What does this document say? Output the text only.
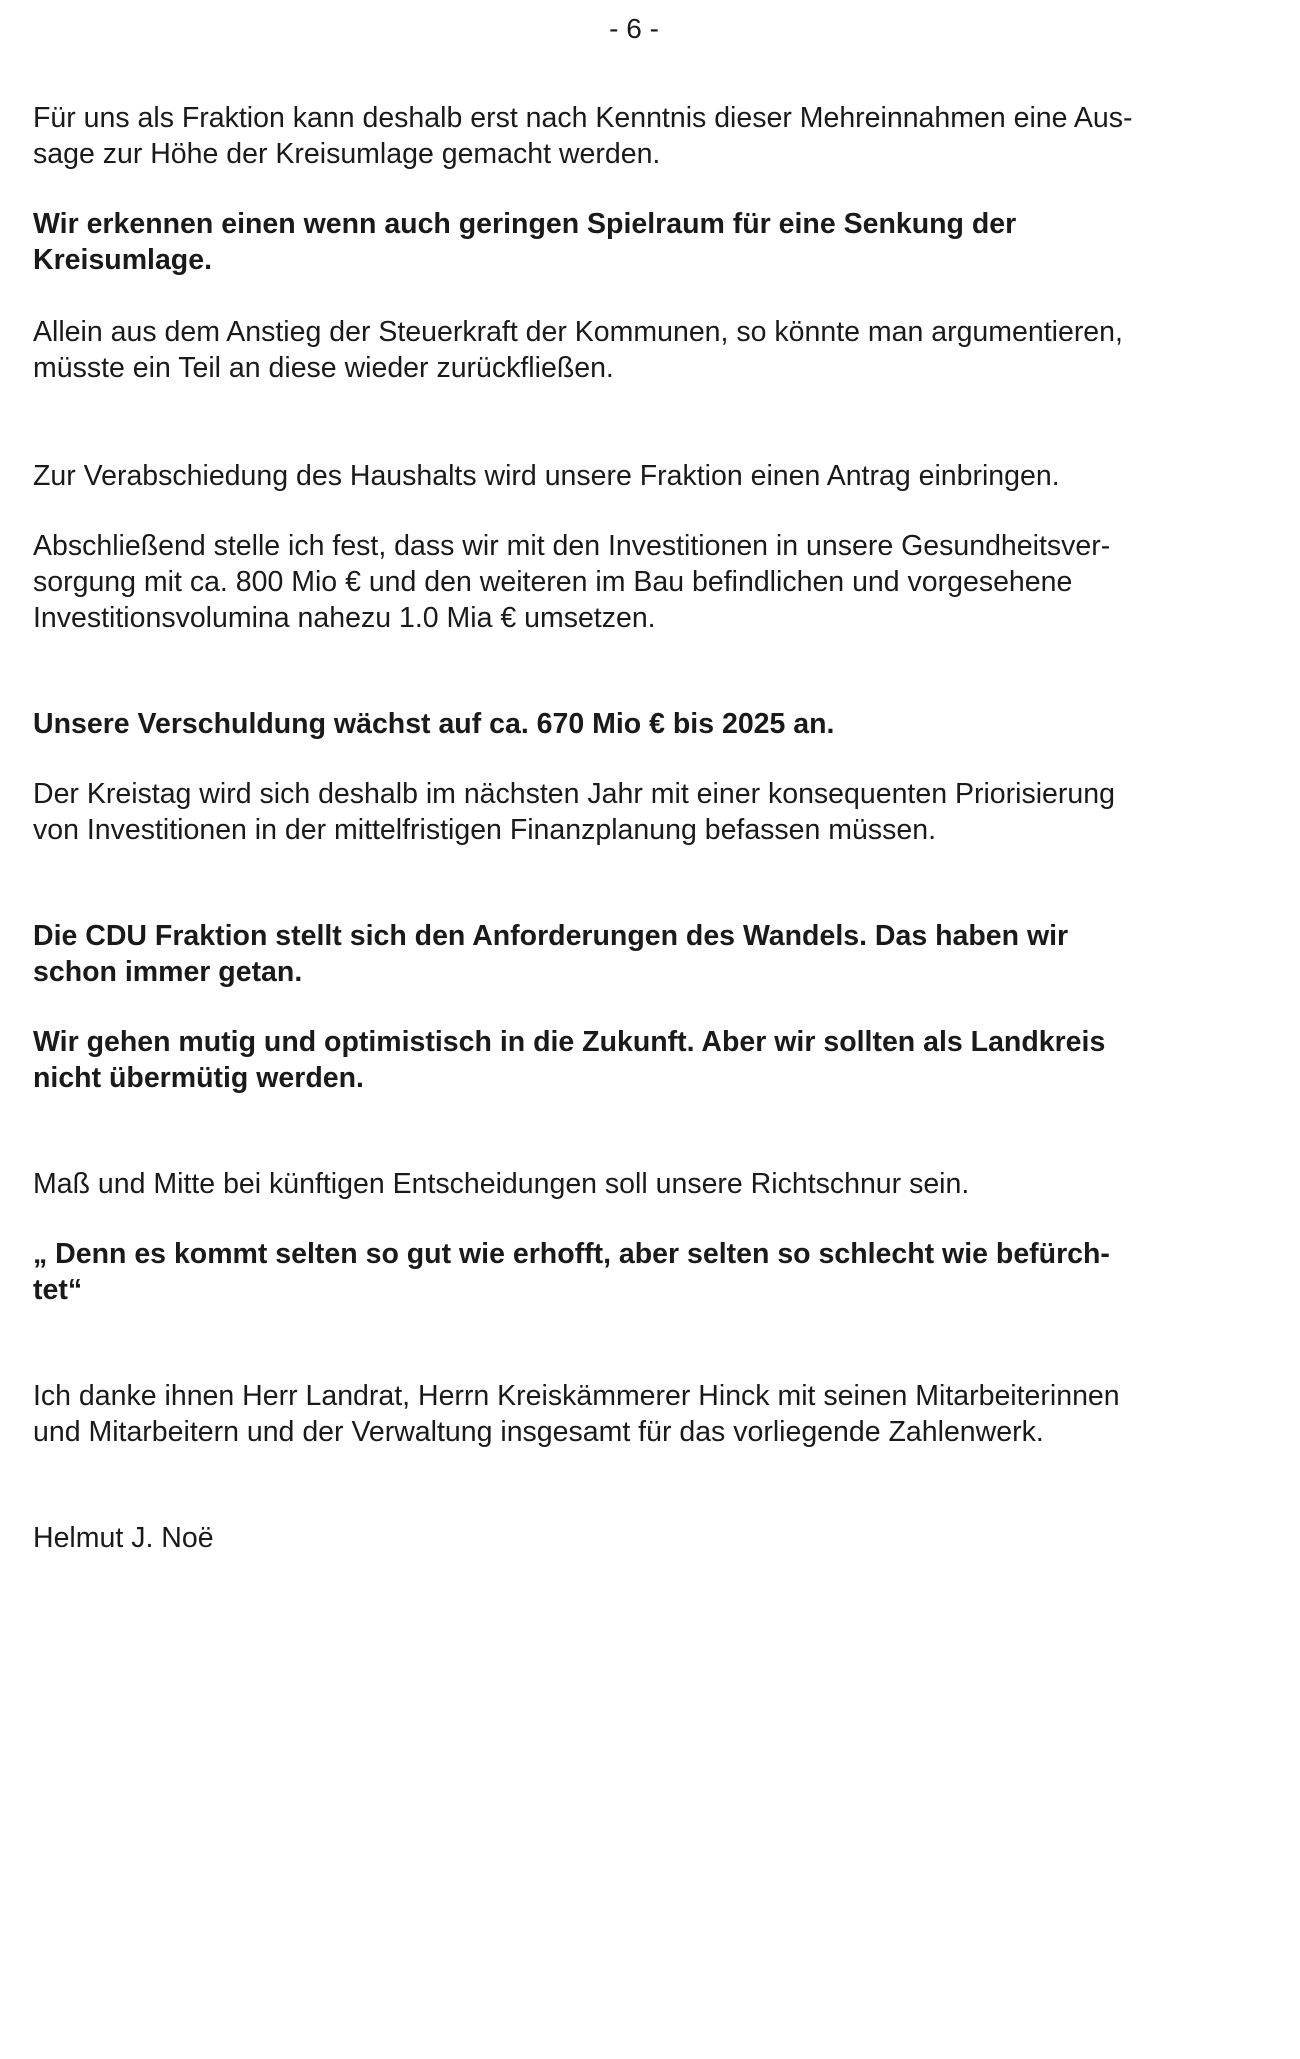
- 6 -

Für uns als Fraktion kann deshalb erst nach Kenntnis dieser Mehreinnahmen eine Aus-
sage zur Höhe der Kreisumlage gemacht werden.

Wir erkennen einen wenn auch geringen Spielraum für eine Senkung der
Kreisumlage.

Allein aus dem Anstieg der Steuerkraft der Kommunen, so könnte man argumentieren,
müsste ein Teil an diese wieder zurückfließen.

Zur Verabschiedung des Haushalts wird unsere Fraktion einen Antrag einbringen.

Abschließend stelle ich fest, dass wir mit den Investitionen in unsere Gesundheitsver-
sorgung mit ca. 800 Mio € und den weiteren im Bau befindlichen und vorgesehene
Investitionsvolumina nahezu 1.0 Mia € umsetzen.

Unsere Verschuldung wächst auf ca. 670 Mio € bis 2025 an.

Der Kreistag wird sich deshalb im nächsten Jahr mit einer konsequenten Priorisierung
von Investitionen in der mittelfristigen Finanzplanung befassen müssen.

Die CDU Fraktion stellt sich den Anforderungen des Wandels. Das haben wir
schon immer getan.

Wir gehen mutig und optimistisch in die Zukunft. Aber wir sollten als Landkreis
nicht übermütig werden.

Maß und Mitte bei künftigen Entscheidungen soll unsere Richtschnur sein.

„ Denn es kommt selten so gut wie erhofft, aber selten so schlecht wie befürch-
tet“

Ich danke ihnen Herr Landrat, Herrn Kreiskämmerer Hinck mit seinen Mitarbeiterinnen
und Mitarbeitern und der Verwaltung insgesamt für das vorliegende Zahlenwerk.

Helmut J. Noë
